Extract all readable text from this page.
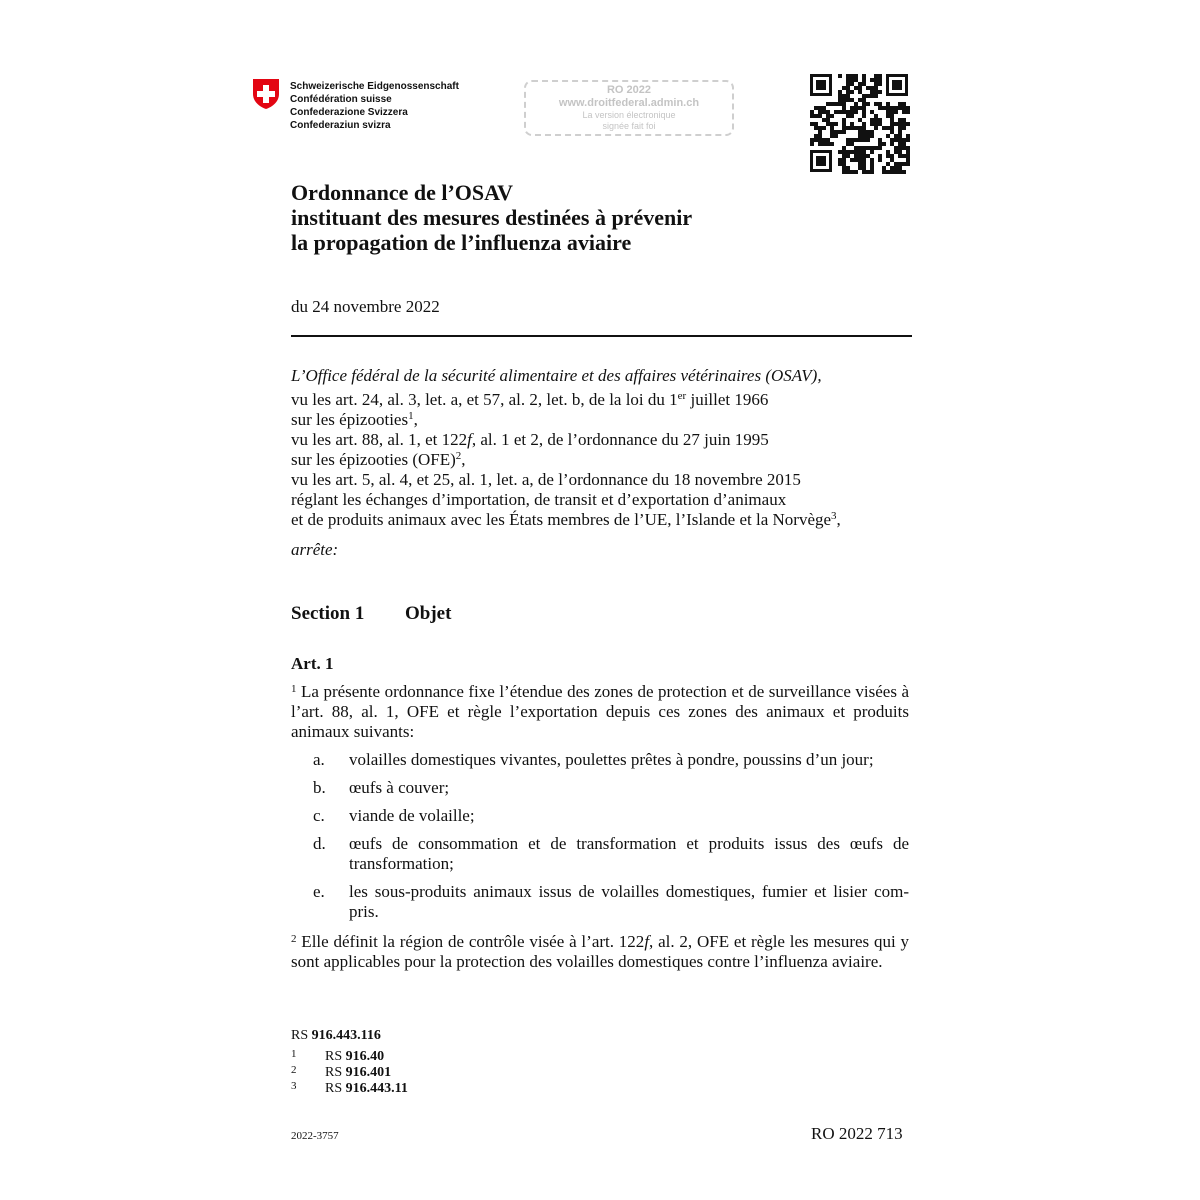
Schweizerische Eidgenossenschaft
Confédération suisse
Confederazione Svizzera
Confederaziun svizra
RO 2022
www.droitfederal.admin.ch
La version électronique
signée fait foi
Ordonnance de l’OSAV
instituant des mesures destinées à prévenir
la propagation de l’influenza aviaire
du 24 novembre 2022
L’Office fédéral de la sécurité alimentaire et des affaires vétérinaires (OSAV),
vu les art. 24, al. 3, let. a, et 57, al. 2, let. b, de la loi du 1er juillet 1966
sur les épizooties$^1$,
vu les art. 88, al. 1, et 122f, al. 1 et 2, de l’ordonnance du 27 juin 1995
sur les épizooties (OFE)$^2$,
vu les art. 5, al. 4, et 25, al. 1, let. a, de l’ordonnance du 18 novembre 2015
réglant les échanges d’importation, de transit et d’exportation d’animaux
et de produits animaux avec les États membres de l’UE, l’Islande et la Norvège$^3$,
arrête:
Section 1 Objet
Art. 1
$^1$ La présente ordonnance fixe l’étendue des zones de protection et de surveillance visées à l’art. 88, al. 1, OFE et règle l’exportation depuis ces zones des animaux et produits animaux suivants:
a. volailles domestiques vivantes, poulettes prêtes à pondre, poussins d’un jour;
b. œufs à couver;
c. viande de volaille;
d. œufs de consommation et de transformation et produits issus des œufs de transformation;
e. les sous-produits animaux issus de volailles domestiques, fumier et lisier com-pris.
$^2$ Elle définit la région de contrôle visée à l’art. 122f, al. 2, OFE et règle les mesures qui y sont applicables pour la protection des volailles domestiques contre l’influenza aviaire.
RS 916.443.116
1 RS 916.40
2 RS 916.401
3 RS 916.443.11
2022-3757	RO 2022 713
